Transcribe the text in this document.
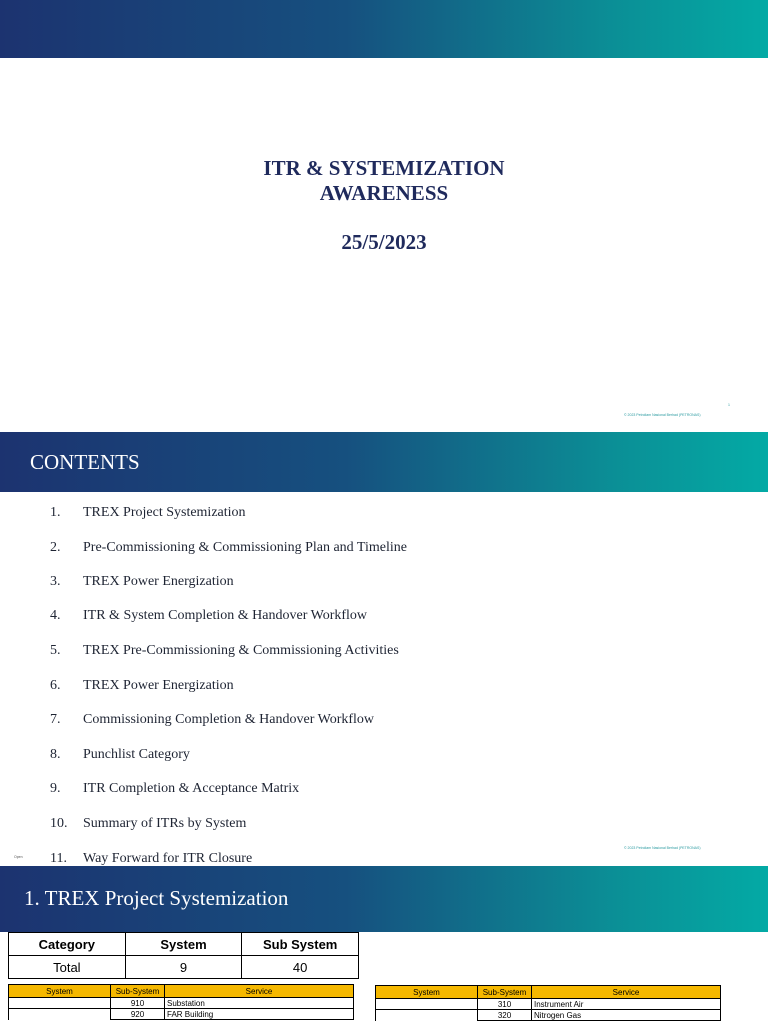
ITR & SYSTEMIZATION
AWARENESS
25/5/2023
1
© 2023 Petroliam Nasional Berhad (PETRONAS)
CONTENTS
1. TREX Project Systemization
2. Pre-Commissioning & Commissioning Plan and Timeline
3. TREX Power Energization
4. ITR & System Completion & Handover Workflow
5. TREX Pre-Commissioning & Commissioning Activities
6. TREX Power Energization
7. Commissioning Completion & Handover Workflow
8. Punchlist Category
9. ITR Completion & Acceptance Matrix
10. Summary of ITRs by System
11. Way Forward for ITR Closure
Open
© 2023 Petroliam Nasional Berhad (PETRONAS)
1. TREX Project Systemization
Category	System	Sub System
Total	9	40
System	Sub-System	Service
	910	Substation
	920	FAR Building
System	Sub-System	Service
	310	Instrument Air
	320	Nitrogen Gas
